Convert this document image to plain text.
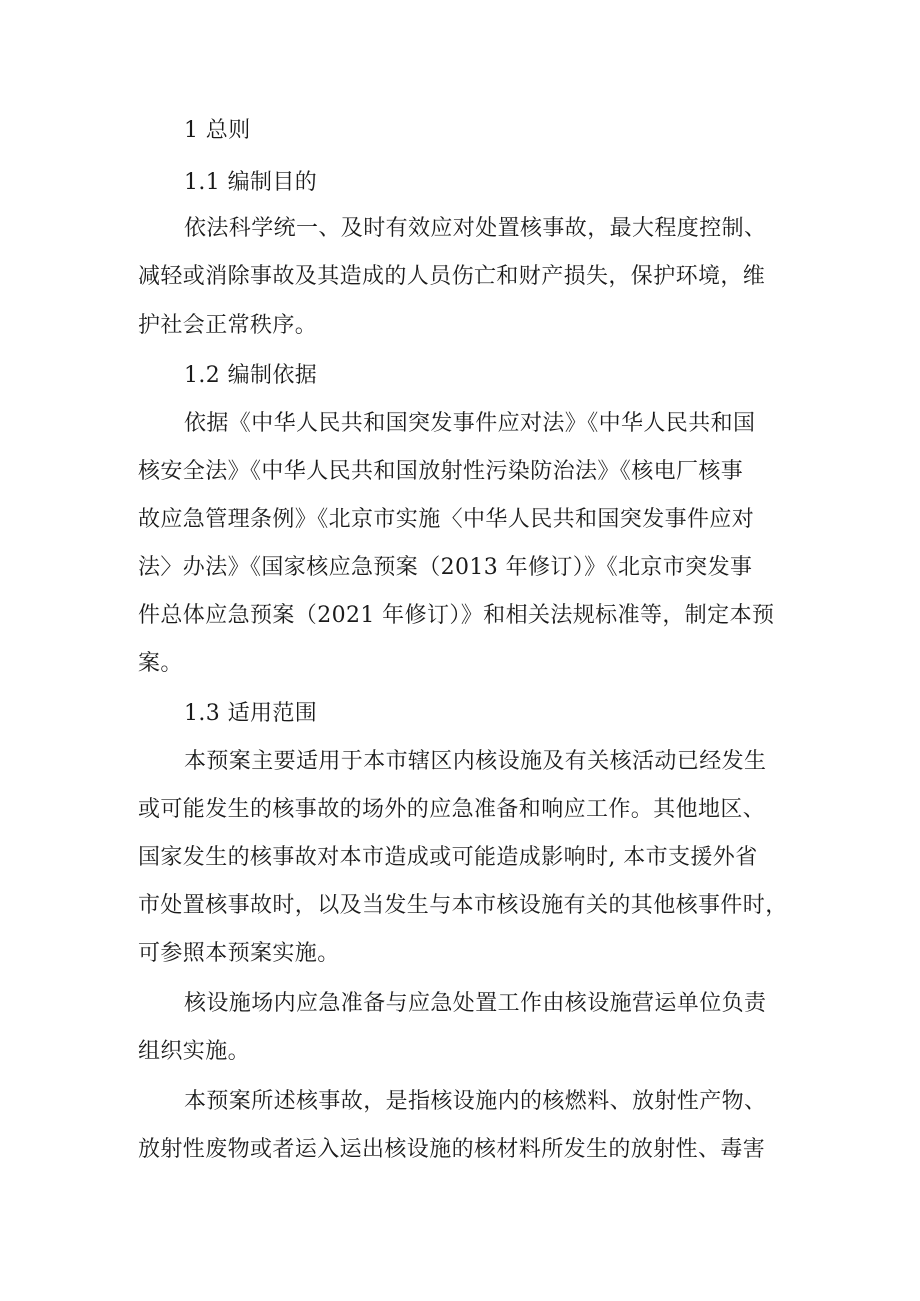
1 总则
1.1 编制目的
依法科学统一、及时有效应对处置核事故，最大程度控制、
减轻或消除事故及其造成的人员伤亡和财产损失，保护环境，维
护社会正常秩序。
1.2 编制依据
依据《中华人民共和国突发事件应对法》《中华人民共和国
核安全法》《中华人民共和国放射性污染防治法》《核电厂核事
故应急管理条例》《北京市实施〈中华人民共和国突发事件应对
法〉办法》《国家核应急预案（2013 年修订）》《北京市突发事
件总体应急预案（2021 年修订）》和相关法规标准等，制定本预
案。
1.3 适用范围
本预案主要适用于本市辖区内核设施及有关核活动已经发生
或可能发生的核事故的场外的应急准备和响应工作。其他地区、
国家发生的核事故对本市造成或可能造成影响时, 本市支援外省
市处置核事故时，以及当发生与本市核设施有关的其他核事件时，
可参照本预案实施。
核设施场内应急准备与应急处置工作由核设施营运单位负责
组织实施。
本预案所述核事故，是指核设施内的核燃料、放射性产物、
放射性废物或者运入运出核设施的核材料所发生的放射性、毒害
